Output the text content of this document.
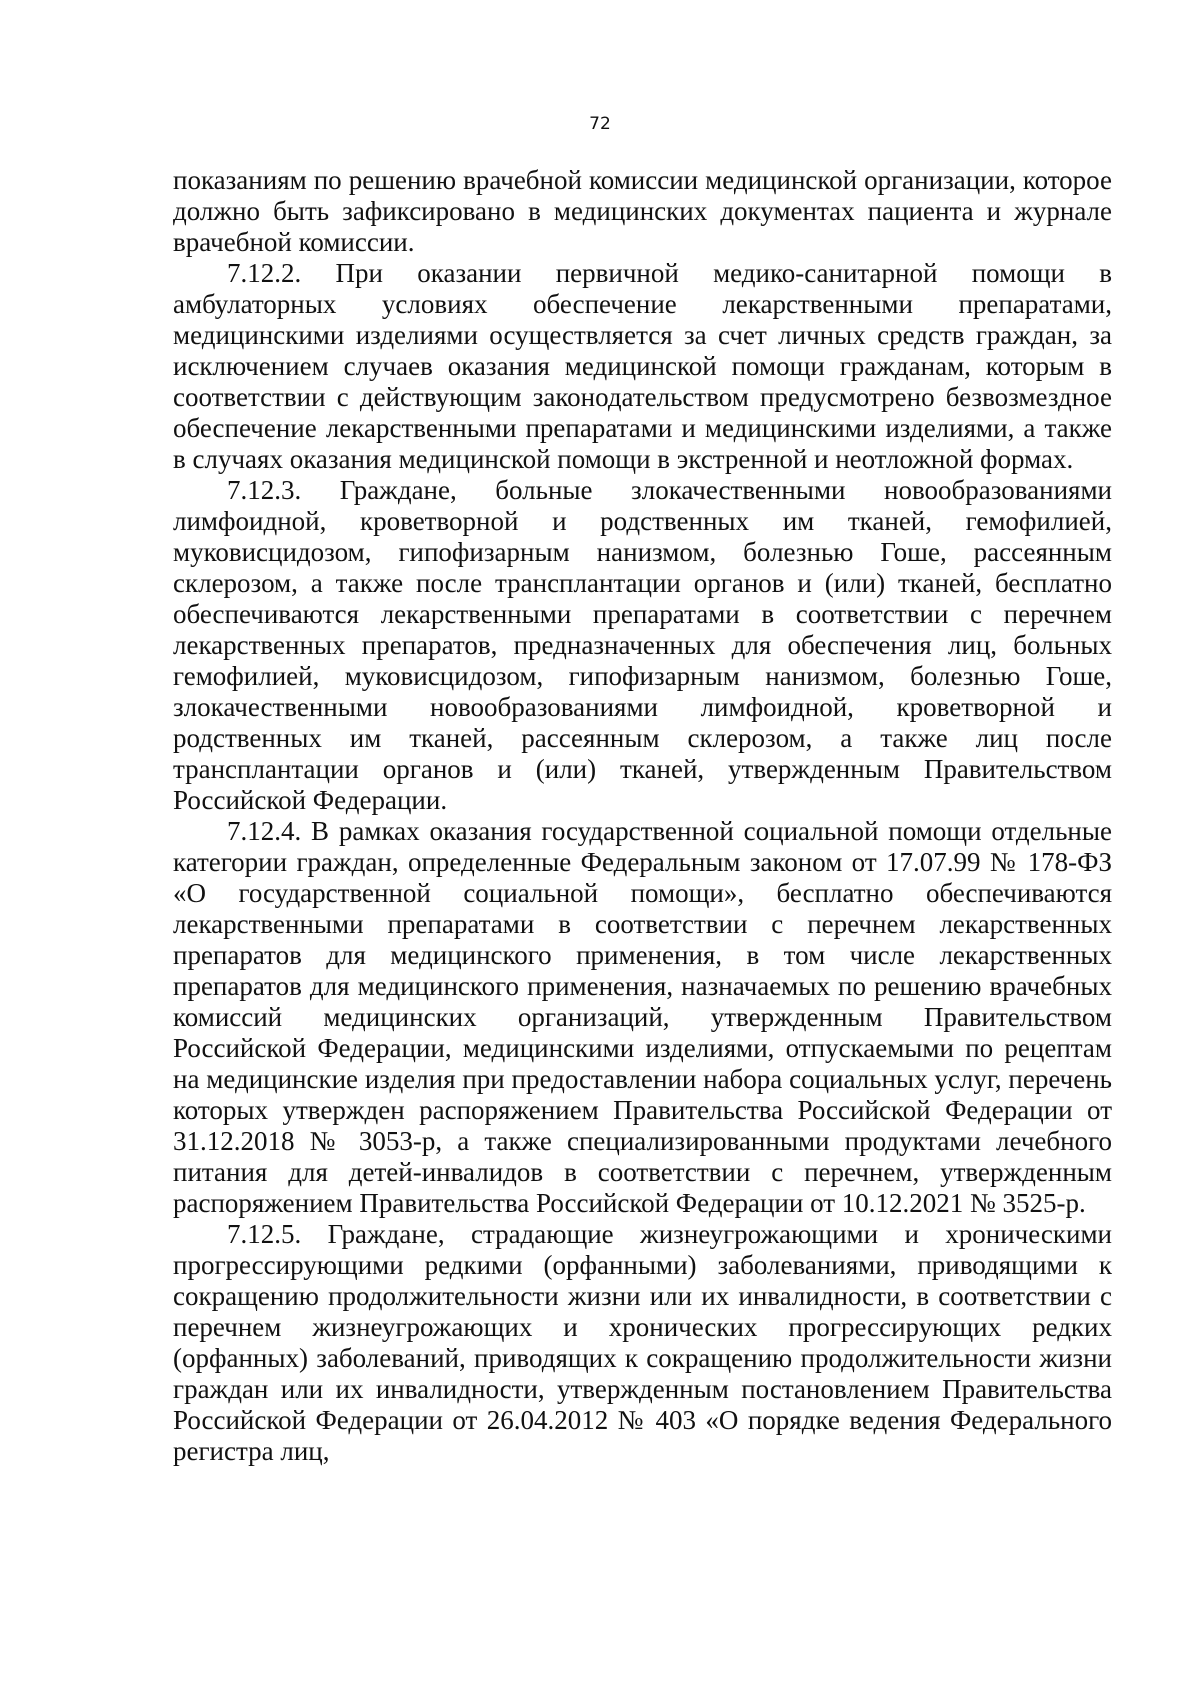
72

показаниям по решению врачебной комиссии медицинской организации, которое должно быть зафиксировано в медицинских документах пациента и журнале врачебной комиссии.

7.12.2. При оказании первичной медико-санитарной помощи в амбулаторных условиях обеспечение лекарственными препаратами, медицинскими изделиями осуществляется за счет личных средств граждан, за исключением случаев оказания медицинской помощи гражданам, которым в соответствии с действующим законодательством предусмотрено безвозмездное обеспечение лекарственными препаратами и медицинскими изделиями, а также в случаях оказания медицинской помощи в экстренной и неотложной формах.

7.12.3. Граждане, больные злокачественными новообразованиями лимфоидной, кроветворной и родственных им тканей, гемофилией, муковисцидозом, гипофизарным нанизмом, болезнью Гоше, рассеянным склерозом, а также после трансплантации органов и (или) тканей, бесплатно обеспечиваются лекарственными препаратами в соответствии с перечнем лекарственных препаратов, предназначенных для обеспечения лиц, больных гемофилией, муковисцидозом, гипофизарным нанизмом, болезнью Гоше, злокачественными новообразованиями лимфоидной, кроветворной и родственных им тканей, рассеянным склерозом, а также лиц после трансплантации органов и (или) тканей, утвержденным Правительством Российской Федерации.

7.12.4. В рамках оказания государственной социальной помощи отдельные категории граждан, определенные Федеральным законом от 17.07.99 № 178-ФЗ «О государственной социальной помощи», бесплатно обеспечиваются лекарственными препаратами в соответствии с перечнем лекарственных препаратов для медицинского применения, в том числе лекарственных препаратов для медицинского применения, назначаемых по решению врачебных комиссий медицинских организаций, утвержденным Правительством Российской Федерации, медицинскими изделиями, отпускаемыми по рецептам на медицинские изделия при предоставлении набора социальных услуг, перечень которых утвержден распоряжением Правительства Российской Федерации от 31.12.2018 № 3053-р, а также специализированными продуктами лечебного питания для детей-инвалидов в соответствии с перечнем, утвержденным распоряжением Правительства Российской Федерации от 10.12.2021 № 3525-р.

7.12.5. Граждане, страдающие жизнеугрожающими и хроническими прогрессирующими редкими (орфанными) заболеваниями, приводящими к сокращению продолжительности жизни или их инвалидности, в соответствии с перечнем жизнеугрожающих и хронических прогрессирующих редких (орфанных) заболеваний, приводящих к сокращению продолжительности жизни граждан или их инвалидности, утвержденным постановлением Правительства Российской Федерации от 26.04.2012 № 403 «О порядке ведения Федерального регистра лиц,
